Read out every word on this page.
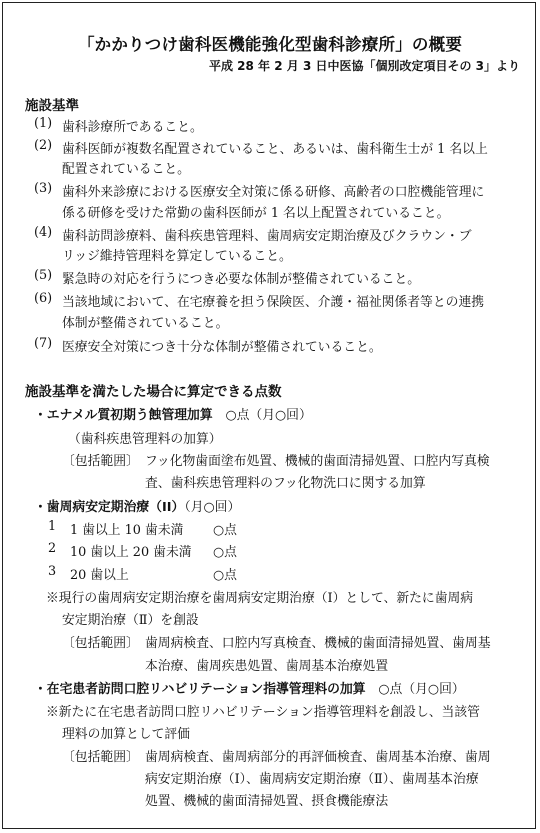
「かかりつけ歯科医機能強化型歯科診療所」の概要
平成 28 年 2 月 3 日中医協「個別改定項目その 3」より
施設基準
(1) 歯科診療所であること。
(2) 歯科医師が複数名配置されていること、あるいは、歯科衛生士が 1 名以上
配置されていること。
(3) 歯科外来診療における医療安全対策に係る研修、高齢者の口腔機能管理に
係る研修を受けた常勤の歯科医師が 1 名以上配置されていること。
(4) 歯科訪問診療料、歯科疾患管理料、歯周病安定期治療及びクラウン・ブ
リッジ維持管理料を算定していること。
(5) 緊急時の対応を行うにつき必要な体制が整備されていること。
(6) 当該地域において、在宅療養を担う保険医、介護・福祉関係者等との連携
体制が整備されていること。
(7) 医療安全対策につき十分な体制が整備されていること。
施設基準を満たした場合に算定できる点数
・エナメル質初期う蝕管理加算　○点（月○回）
（歯科疾患管理料の加算）
〔包括範囲〕 フッ化物歯面塗布処置、機械的歯面清掃処置、口腔内写真検
査、歯科疾患管理料のフッ化物洗口に関する加算
・歯周病安定期治療（II）（月○回）
1 1 歯以上 10 歯未満 ○点
2 10 歯以上 20 歯未満 ○点
3 20 歯以上	○点
※現行の歯周病安定期治療を歯周病安定期治療（Ⅰ）として、新たに歯周病
安定期治療（Ⅱ）を創設
〔包括範囲〕 歯周病検査、口腔内写真検査、機械的歯面清掃処置、歯周基
本治療、歯周疾患処置、歯周基本治療処置
・在宅患者訪問口腔リハビリテーション指導管理料の加算　○点（月○回）
※新たに在宅患者訪問口腔リハビリテーション指導管理料を創設し、当該管
理料の加算として評価
〔包括範囲〕 歯周病検査、歯周病部分的再評価検査、歯周基本治療、歯周
病安定期治療（Ⅰ）、歯周病安定期治療（Ⅱ）、歯周基本治療
処置、機械的歯面清掃処置、摂食機能療法
